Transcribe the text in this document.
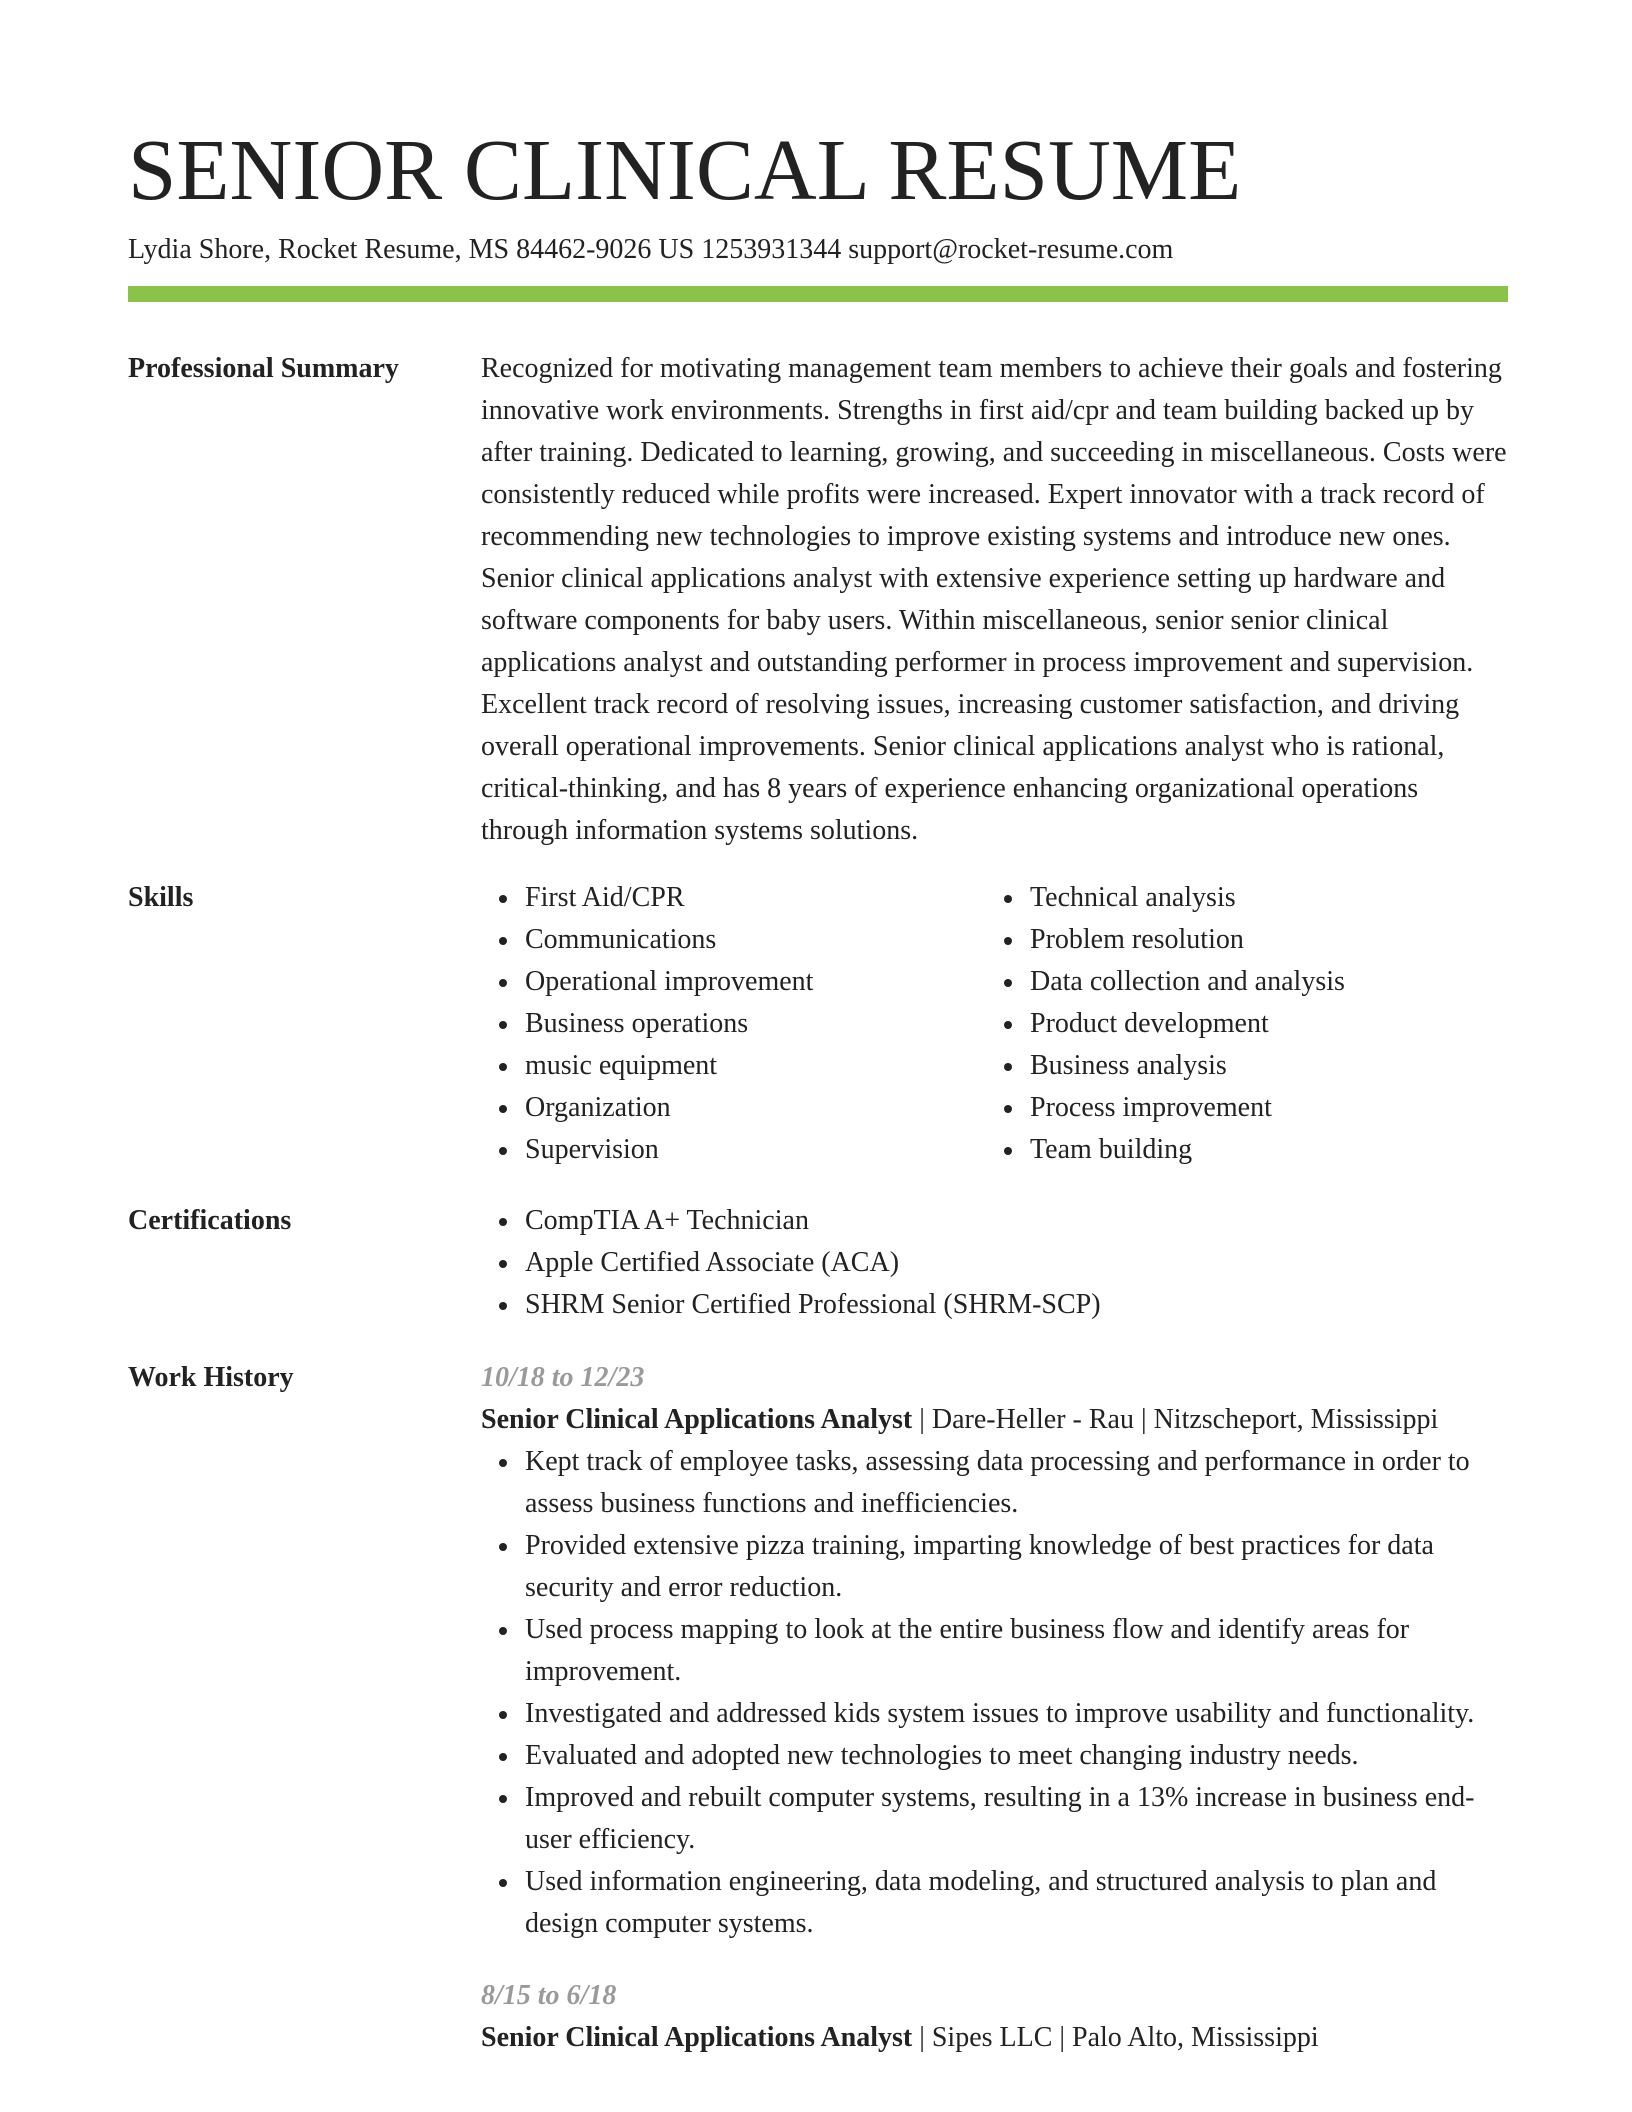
SENIOR CLINICAL RESUME
Lydia Shore, Rocket Resume, MS 84462-9026 US 1253931344 support@rocket-resume.com
Professional Summary	Recognized for motivating management team members to achieve their goals and fostering innovative work environments. Strengths in first aid/cpr and team building backed up by after training. Dedicated to learning, growing, and succeeding in miscellaneous. Costs were consistently reduced while profits were increased. Expert innovator with a track record of recommending new technologies to improve existing systems and introduce new ones. Senior clinical applications analyst with extensive experience setting up hardware and software components for baby users. Within miscellaneous, senior senior clinical applications analyst and outstanding performer in process improvement and supervision. Excellent track record of resolving issues, increasing customer satisfaction, and driving overall operational improvements. Senior clinical applications analyst who is rational, critical-thinking, and has 8 years of experience enhancing organizational operations through information systems solutions.

Skills	First Aid/CPR
Communications
Operational improvement
Business operations
music equipment
Organization
Supervision
Technical analysis
Problem resolution
Data collection and analysis
Product development
Business analysis
Process improvement
Team building
Certifications	CompTIA A+ Technician
Apple Certified Associate (ACA)
SHRM Senior Certified Professional (SHRM-SCP)
Work History	10/18 to 12/23
Senior Clinical Applications Analyst | Dare-Heller - Rau | Nitzscheport, Mississippi
Kept track of employee tasks, assessing data processing and performance in order to assess business functions and inefficiencies.
Provided extensive pizza training, imparting knowledge of best practices for data security and error reduction.
Used process mapping to look at the entire business flow and identify areas for improvement.
Investigated and addressed kids system issues to improve usability and functionality.
Evaluated and adopted new technologies to meet changing industry needs.
Improved and rebuilt computer systems, resulting in a 13% increase in business end-user efficiency.
Used information engineering, data modeling, and structured analysis to plan and design computer systems.
8/15 to 6/18
Senior Clinical Applications Analyst | Sipes LLC | Palo Alto, Mississippi
